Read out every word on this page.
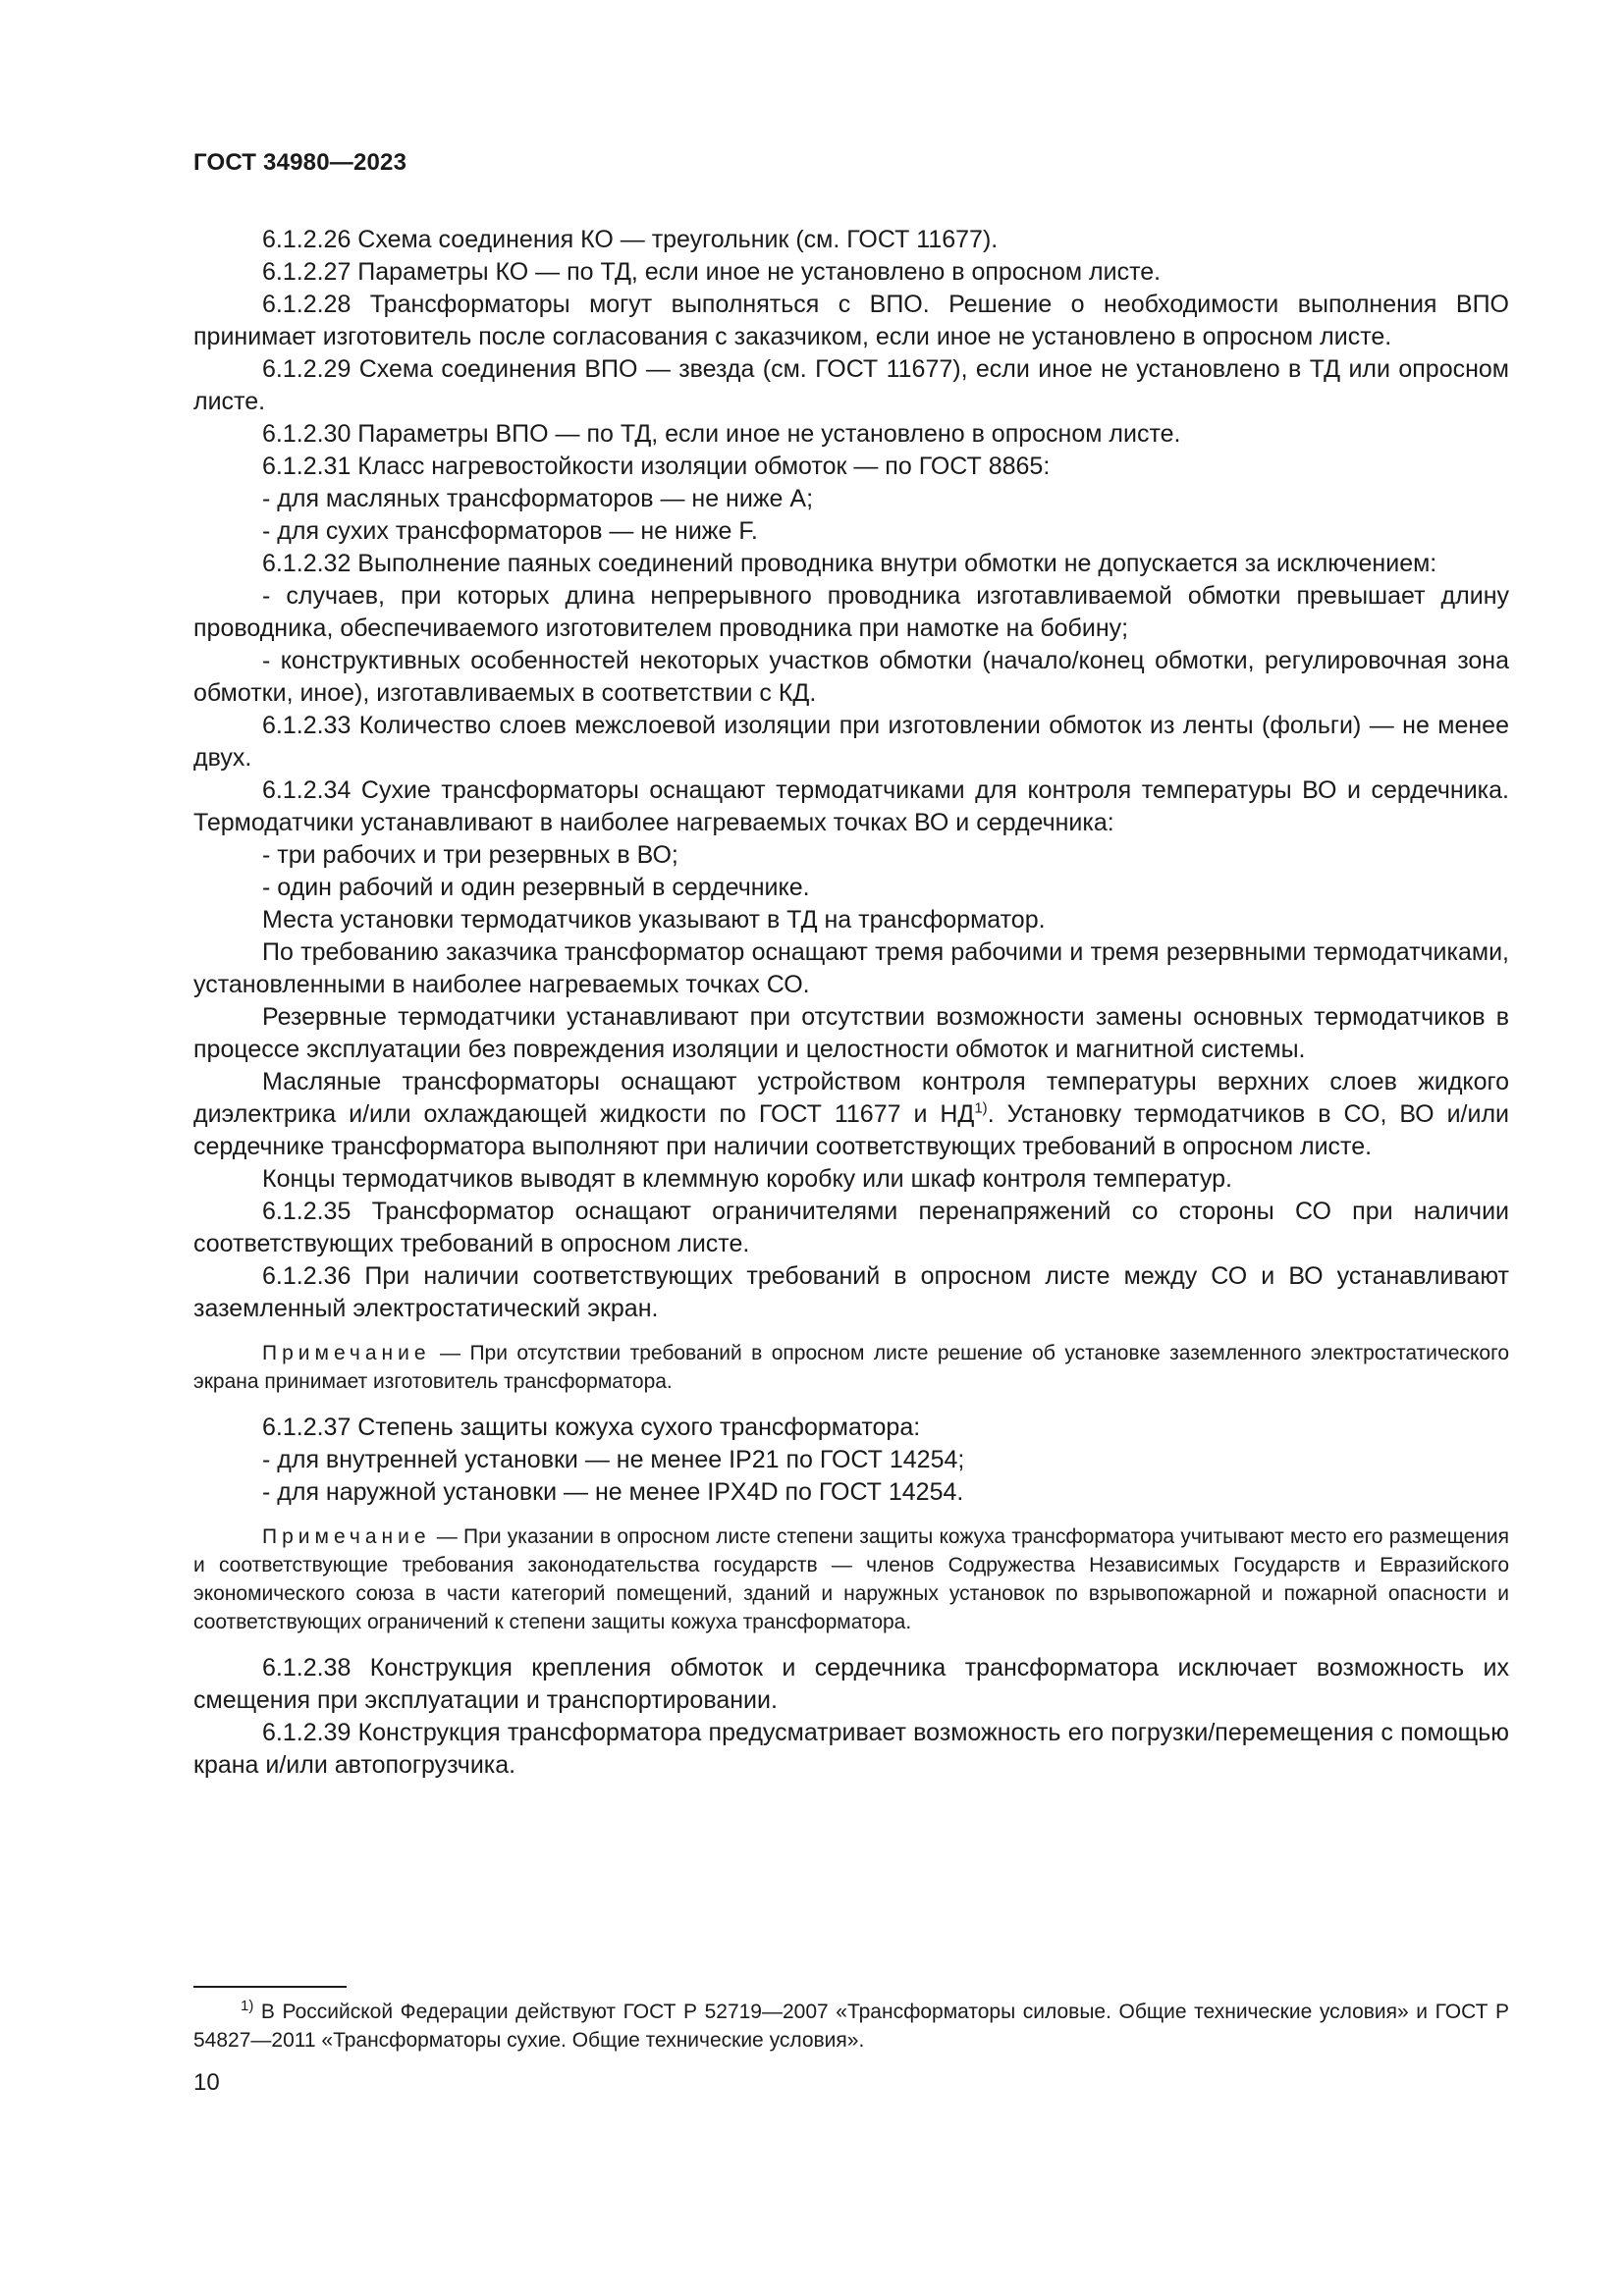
ГОСТ 34980—2023

6.1.2.26 Схема соединения КО — треугольник (см. ГОСТ 11677).

6.1.2.27 Параметры КО — по ТД, если иное не установлено в опросном листе.

6.1.2.28 Трансформаторы могут выполняться с ВПО. Решение о необходимости выполнения ВПО принимает изготовитель после согласования с заказчиком, если иное не установлено в опросном листе.

6.1.2.29 Схема соединения ВПО — звезда (см. ГОСТ 11677), если иное не установлено в ТД или опросном листе.

6.1.2.30 Параметры ВПО — по ТД, если иное не установлено в опросном листе.

6.1.2.31 Класс нагревостойкости изоляции обмоток — по ГОСТ 8865:

- для масляных трансформаторов — не ниже А;

- для сухих трансформаторов — не ниже F.

6.1.2.32 Выполнение паяных соединений проводника внутри обмотки не допускается за исключением:

- случаев, при которых длина непрерывного проводника изготавливаемой обмотки превышает длину проводника, обеспечиваемого изготовителем проводника при намотке на бобину;

- конструктивных особенностей некоторых участков обмотки (начало/конец обмотки, регулировочная зона обмотки, иное), изготавливаемых в соответствии с КД.

6.1.2.33 Количество слоев межслоевой изоляции при изготовлении обмоток из ленты (фольги) — не менее двух.

6.1.2.34 Сухие трансформаторы оснащают термодатчиками для контроля температуры ВО и сердечника. Термодатчики устанавливают в наиболее нагреваемых точках ВО и сердечника:

- три рабочих и три резервных в ВО;

- один рабочий и один резервный в сердечнике.

Места установки термодатчиков указывают в ТД на трансформатор.

По требованию заказчика трансформатор оснащают тремя рабочими и тремя резервными термодатчиками, установленными в наиболее нагреваемых точках СО.

Резервные термодатчики устанавливают при отсутствии возможности замены основных термодатчиков в процессе эксплуатации без повреждения изоляции и целостности обмоток и магнитной системы.

Масляные трансформаторы оснащают устройством контроля температуры верхних слоев жидкого диэлектрика и/или охлаждающей жидкости по ГОСТ 11677 и НД$^{1)}$. Установку термодатчиков в СО, ВО и/или сердечнике трансформатора выполняют при наличии соответствующих требований в опросном листе.

Концы термодатчиков выводят в клеммную коробку или шкаф контроля температур.

6.1.2.35 Трансформатор оснащают ограничителями перенапряжений со стороны СО при наличии соответствующих требований в опросном листе.

6.1.2.36 При наличии соответствующих требований в опросном листе между СО и ВО устанавливают заземленный электростатический экран.

Примечание — При отсутствии требований в опросном листе решение об установке заземленного электростатического экрана принимает изготовитель трансформатора.

6.1.2.37 Степень защиты кожуха сухого трансформатора:

- для внутренней установки — не менее IP21 по ГОСТ 14254;

- для наружной установки — не менее IPX4D по ГОСТ 14254.

Примечание — При указании в опросном листе степени защиты кожуха трансформатора учитывают место его размещения и соответствующие требования законодательства государств — членов Содружества Независимых Государств и Евразийского экономического союза в части категорий помещений, зданий и наружных установок по взрывопожарной и пожарной опасности и соответствующих ограничений к степени защиты кожуха трансформатора.

6.1.2.38 Конструкция крепления обмоток и сердечника трансформатора исключает возможность их смещения при эксплуатации и транспортировании.

6.1.2.39 Конструкция трансформатора предусматривает возможность его погрузки/перемещения с помощью крана и/или автопогрузчика.

$^{1)}$ В Российской Федерации действуют ГОСТ Р 52719—2007 «Трансформаторы силовые. Общие технические условия» и ГОСТ Р 54827—2011 «Трансформаторы сухие. Общие технические условия».

10
